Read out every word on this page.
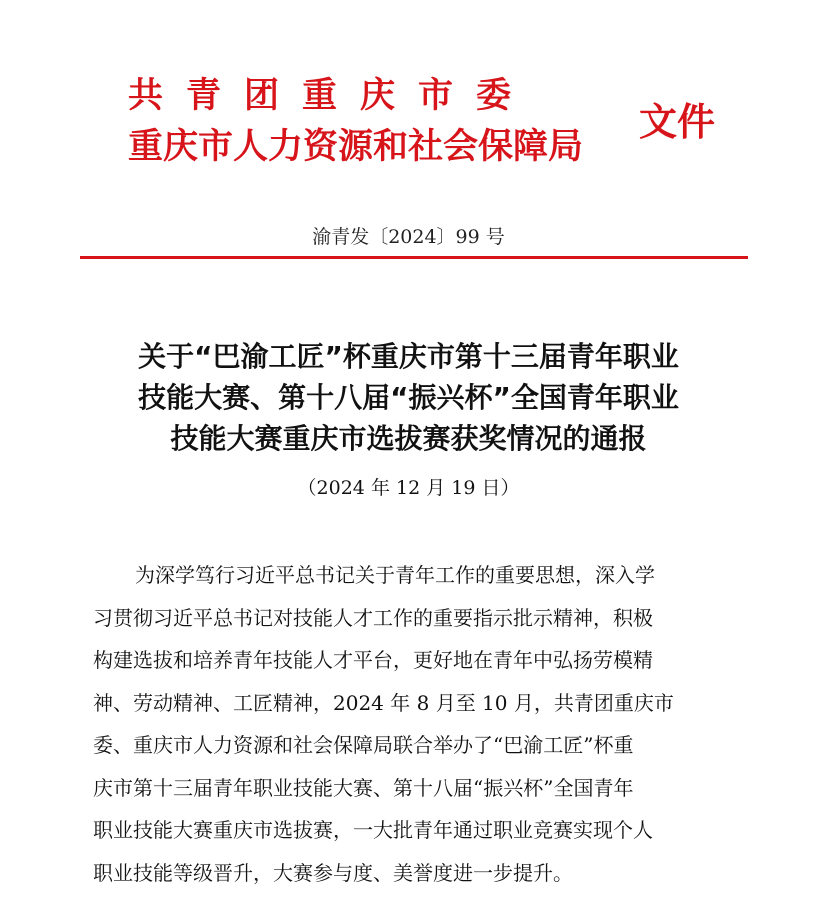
共青团重庆市委
重庆市人力资源和社会保障局
文件
渝青发〔2024〕99 号
关于“巴渝工匠”杯重庆市第十三届青年职业
技能大赛、第十八届“振兴杯”全国青年职业
技能大赛重庆市选拔赛获奖情况的通报
（2024 年 12 月 19 日）
为深学笃行习近平总书记关于青年工作的重要思想，深入学
习贯彻习近平总书记对技能人才工作的重要指示批示精神，积极
构建选拔和培养青年技能人才平台，更好地在青年中弘扬劳模精
神、劳动精神、工匠精神，2024 年 8 月至 10 月，共青团重庆市
委、重庆市人力资源和社会保障局联合举办了“巴渝工匠”杯重
庆市第十三届青年职业技能大赛、第十八届“振兴杯”全国青年
职业技能大赛重庆市选拔赛，一大批青年通过职业竞赛实现个人
职业技能等级晋升，大赛参与度、美誉度进一步提升。
